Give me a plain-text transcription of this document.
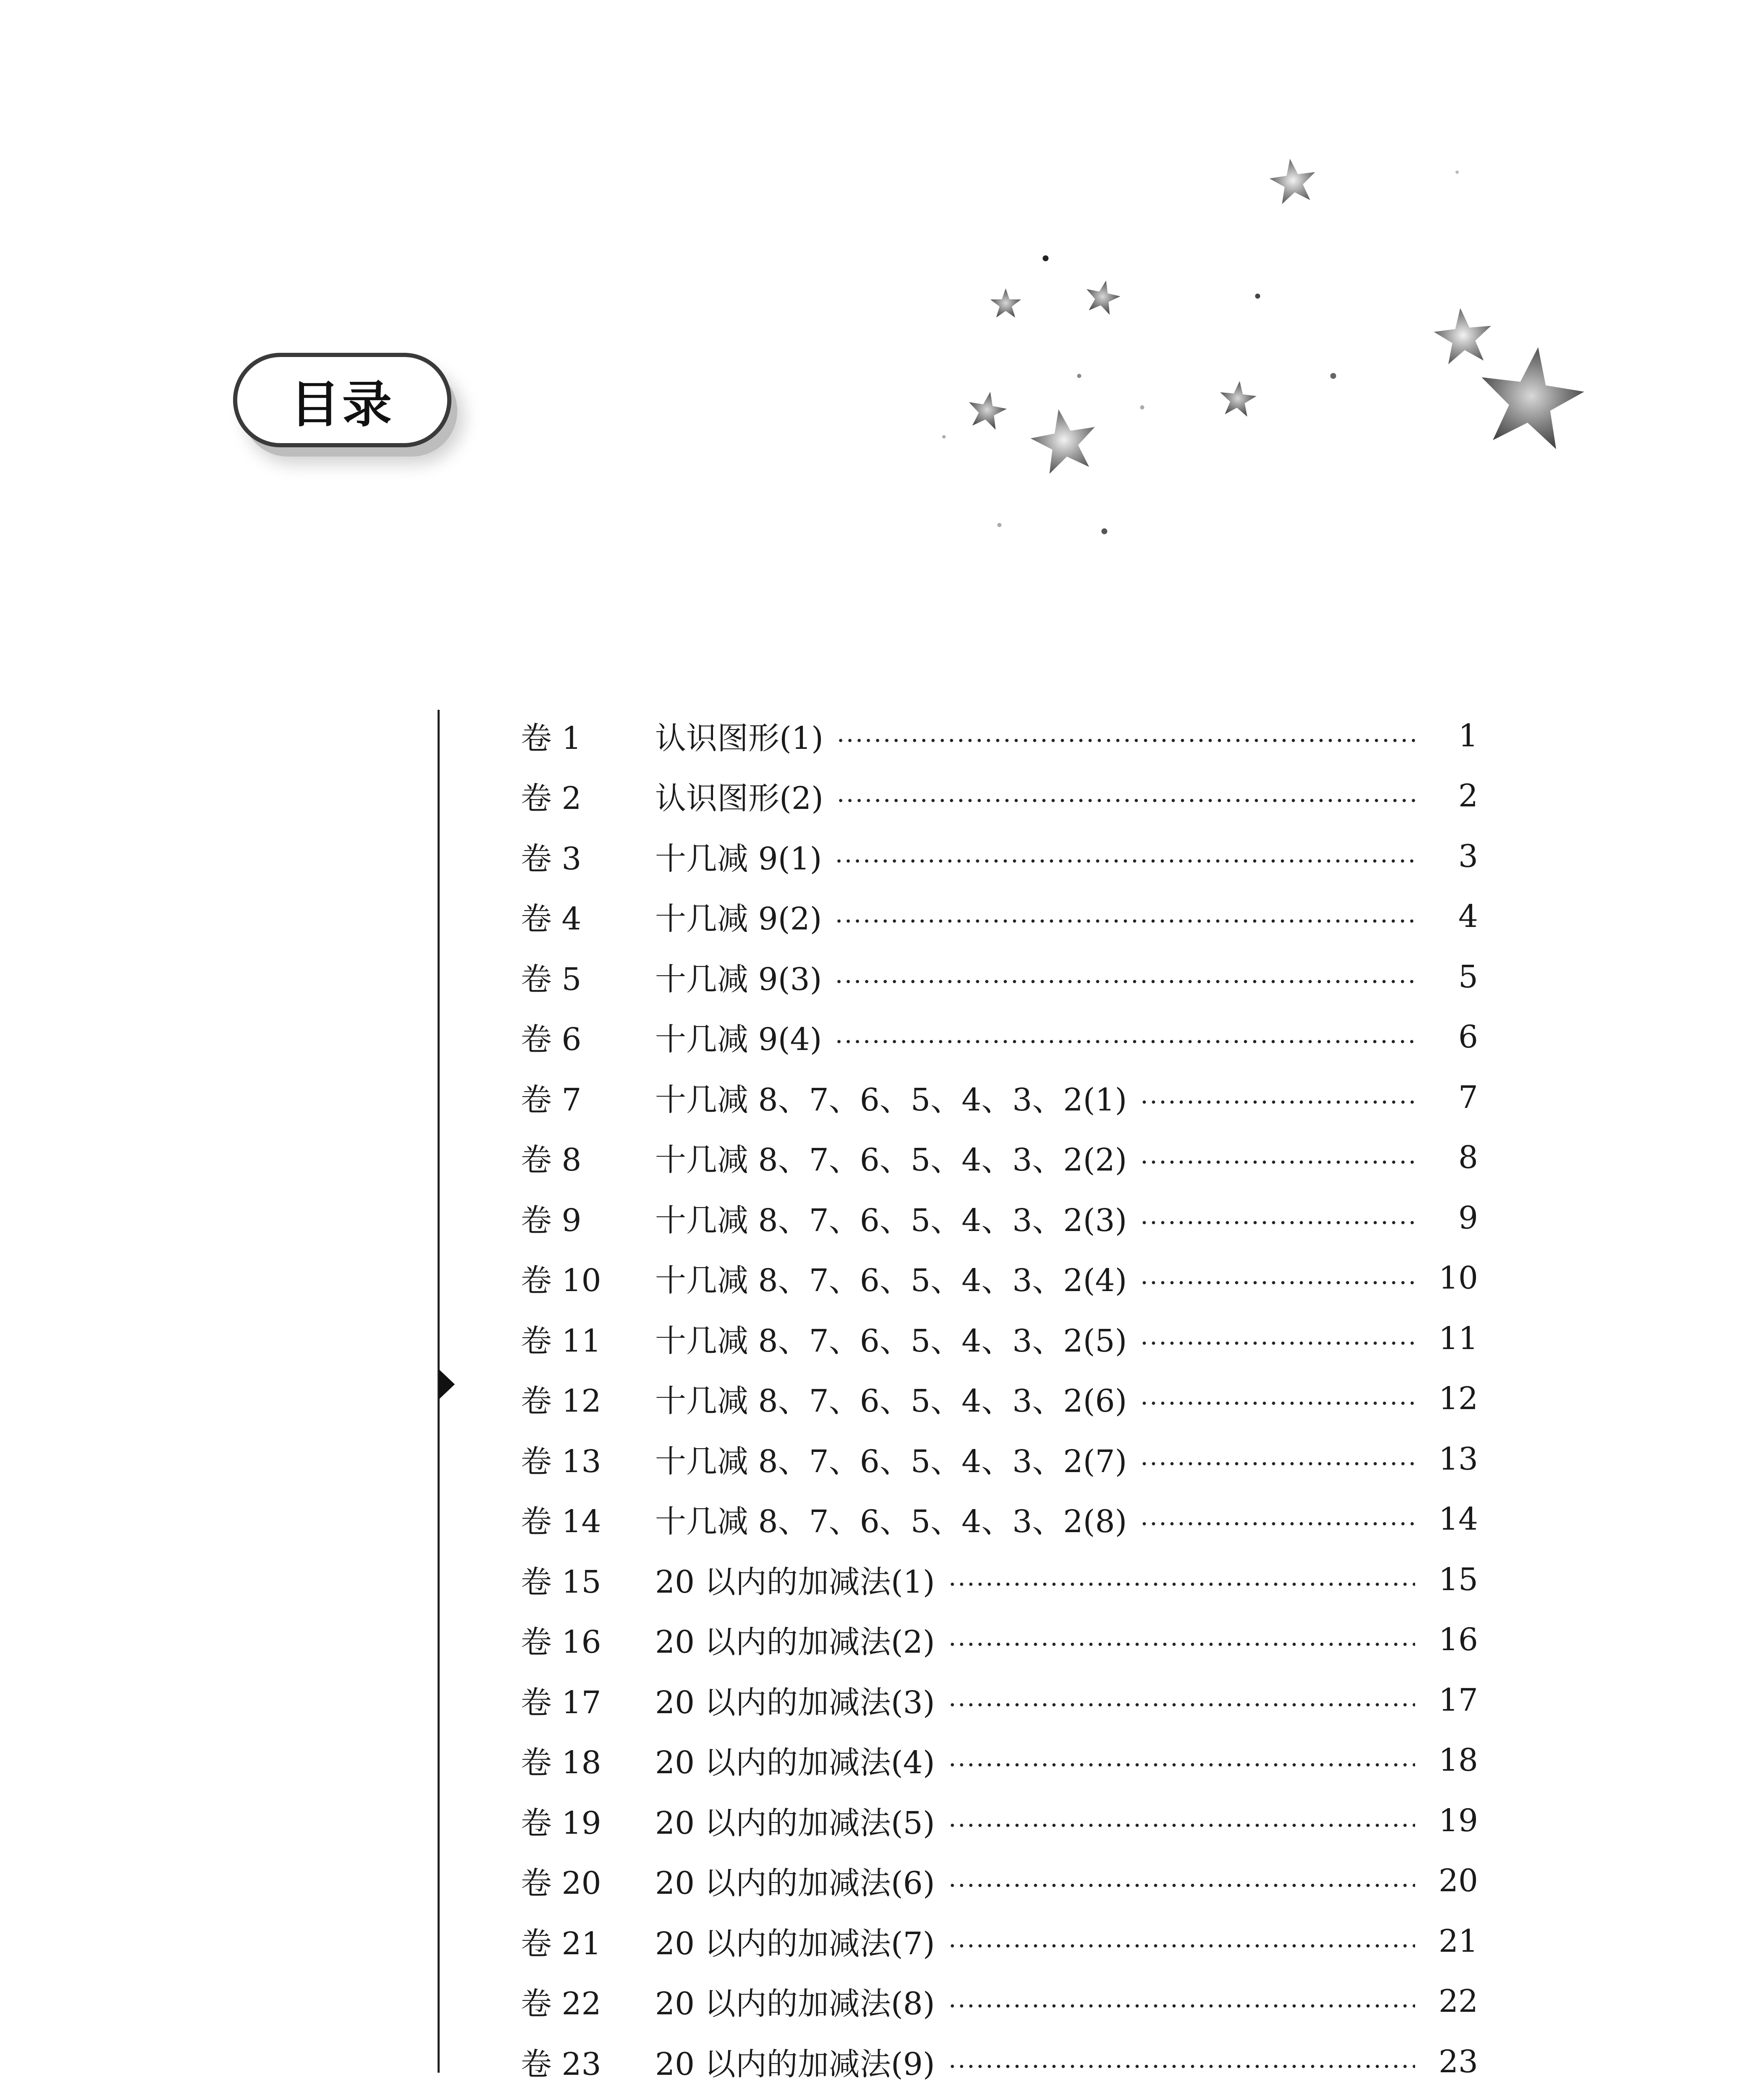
目录
卷 1	认识图形(1)	1
卷 2	认识图形(2)	2
卷 3	十几减 9(1)	3
卷 4	十几减 9(2)	4
卷 5	十几减 9(3)	5
卷 6	十几减 9(4)	6
卷 7	十几减 8、7、6、5、4、3、2(1)	7
卷 8	十几减 8、7、6、5、4、3、2(2)	8
卷 9	十几减 8、7、6、5、4、3、2(3)	9
卷 10	十几减 8、7、6、5、4、3、2(4)	10
卷 11	十几减 8、7、6、5、4、3、2(5)	11
卷 12	十几减 8、7、6、5、4、3、2(6)	12
卷 13	十几减 8、7、6、5、4、3、2(7)	13
卷 14	十几减 8、7、6、5、4、3、2(8)	14
卷 15	20 以内的加减法(1)	15
卷 16	20 以内的加减法(2)	16
卷 17	20 以内的加减法(3)	17
卷 18	20 以内的加减法(4)	18
卷 19	20 以内的加减法(5)	19
卷 20	20 以内的加减法(6)	20
卷 21	20 以内的加减法(7)	21
卷 22	20 以内的加减法(8)	22
卷 23	20 以内的加减法(9)	23
